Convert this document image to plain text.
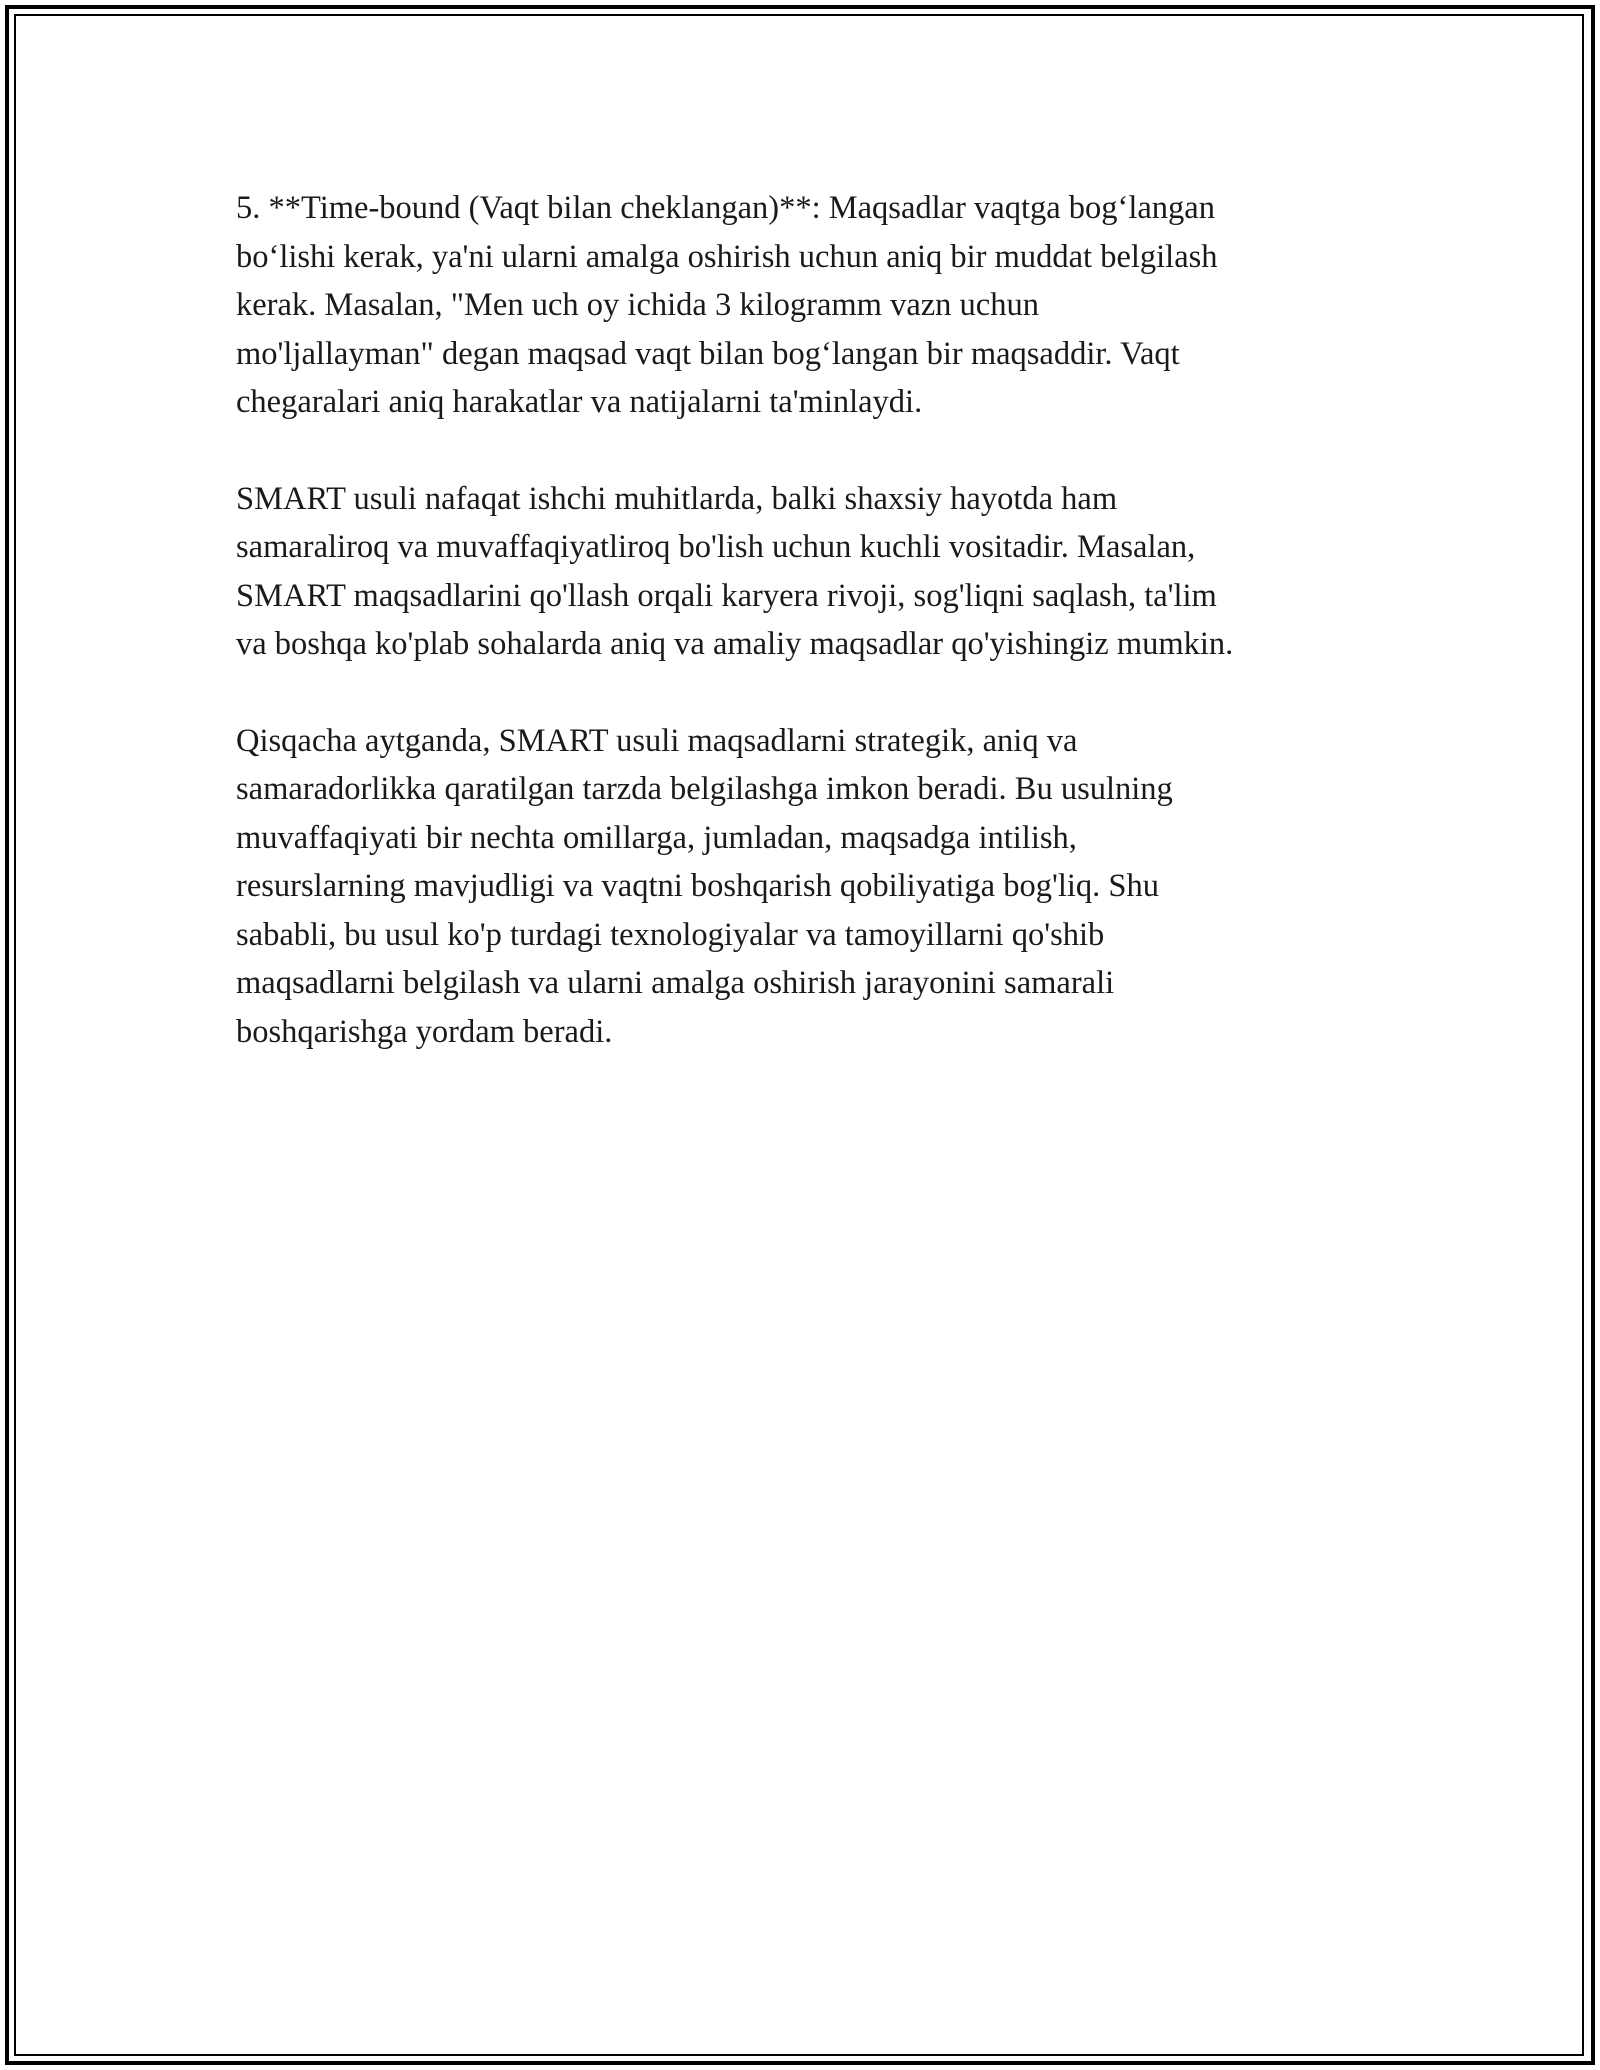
5. **Time-bound (Vaqt bilan cheklangan)**: Maqsadlar vaqtga bog‘langan
bo‘lishi kerak, ya'ni ularni amalga oshirish uchun aniq bir muddat belgilash
kerak. Masalan, "Men uch oy ichida 3 kilogramm vazn uchun
mo'ljallayman" degan maqsad vaqt bilan bog‘langan bir maqsaddir. Vaqt
chegaralari aniq harakatlar va natijalarni ta'minlaydi.

SMART usuli nafaqat ishchi muhitlarda, balki shaxsiy hayotda ham
samaraliroq va muvaffaqiyatliroq bo'lish uchun kuchli vositadir. Masalan,
SMART maqsadlarini qo'llash orqali karyera rivoji, sog'liqni saqlash, ta'lim
va boshqa ko'plab sohalarda aniq va amaliy maqsadlar qo'yishingiz mumkin.

Qisqacha aytganda, SMART usuli maqsadlarni strategik, aniq va
samaradorlikka qaratilgan tarzda belgilashga imkon beradi. Bu usulning
muvaffaqiyati bir nechta omillarga, jumladan, maqsadga intilish,
resurslarning mavjudligi va vaqtni boshqarish qobiliyatiga bog'liq. Shu
sababli, bu usul ko'p turdagi texnologiyalar va tamoyillarni qo'shib
maqsadlarni belgilash va ularni amalga oshirish jarayonini samarali
boshqarishga yordam beradi.
